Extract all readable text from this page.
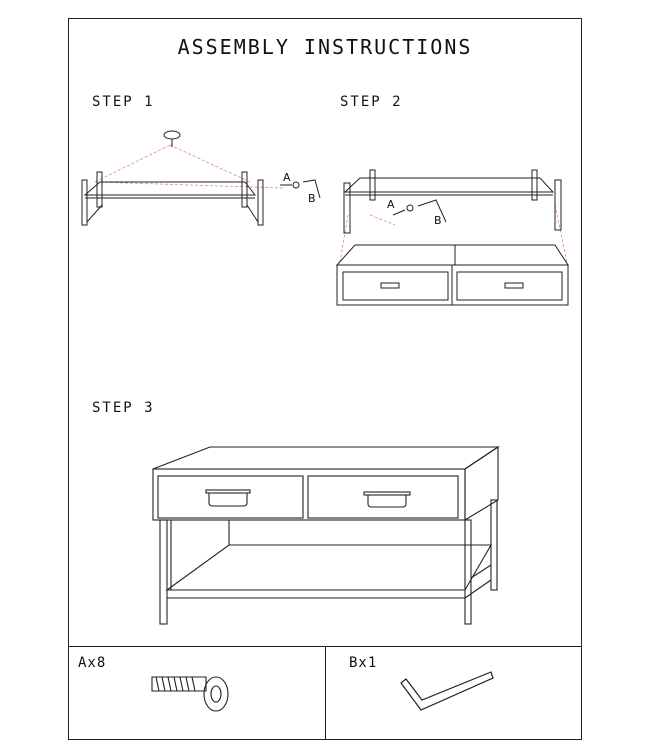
ASSEMBLY INSTRUCTIONS
STEP 1	STEP 2
STEP 3
A
B	A
B
Ax8	Bx1
